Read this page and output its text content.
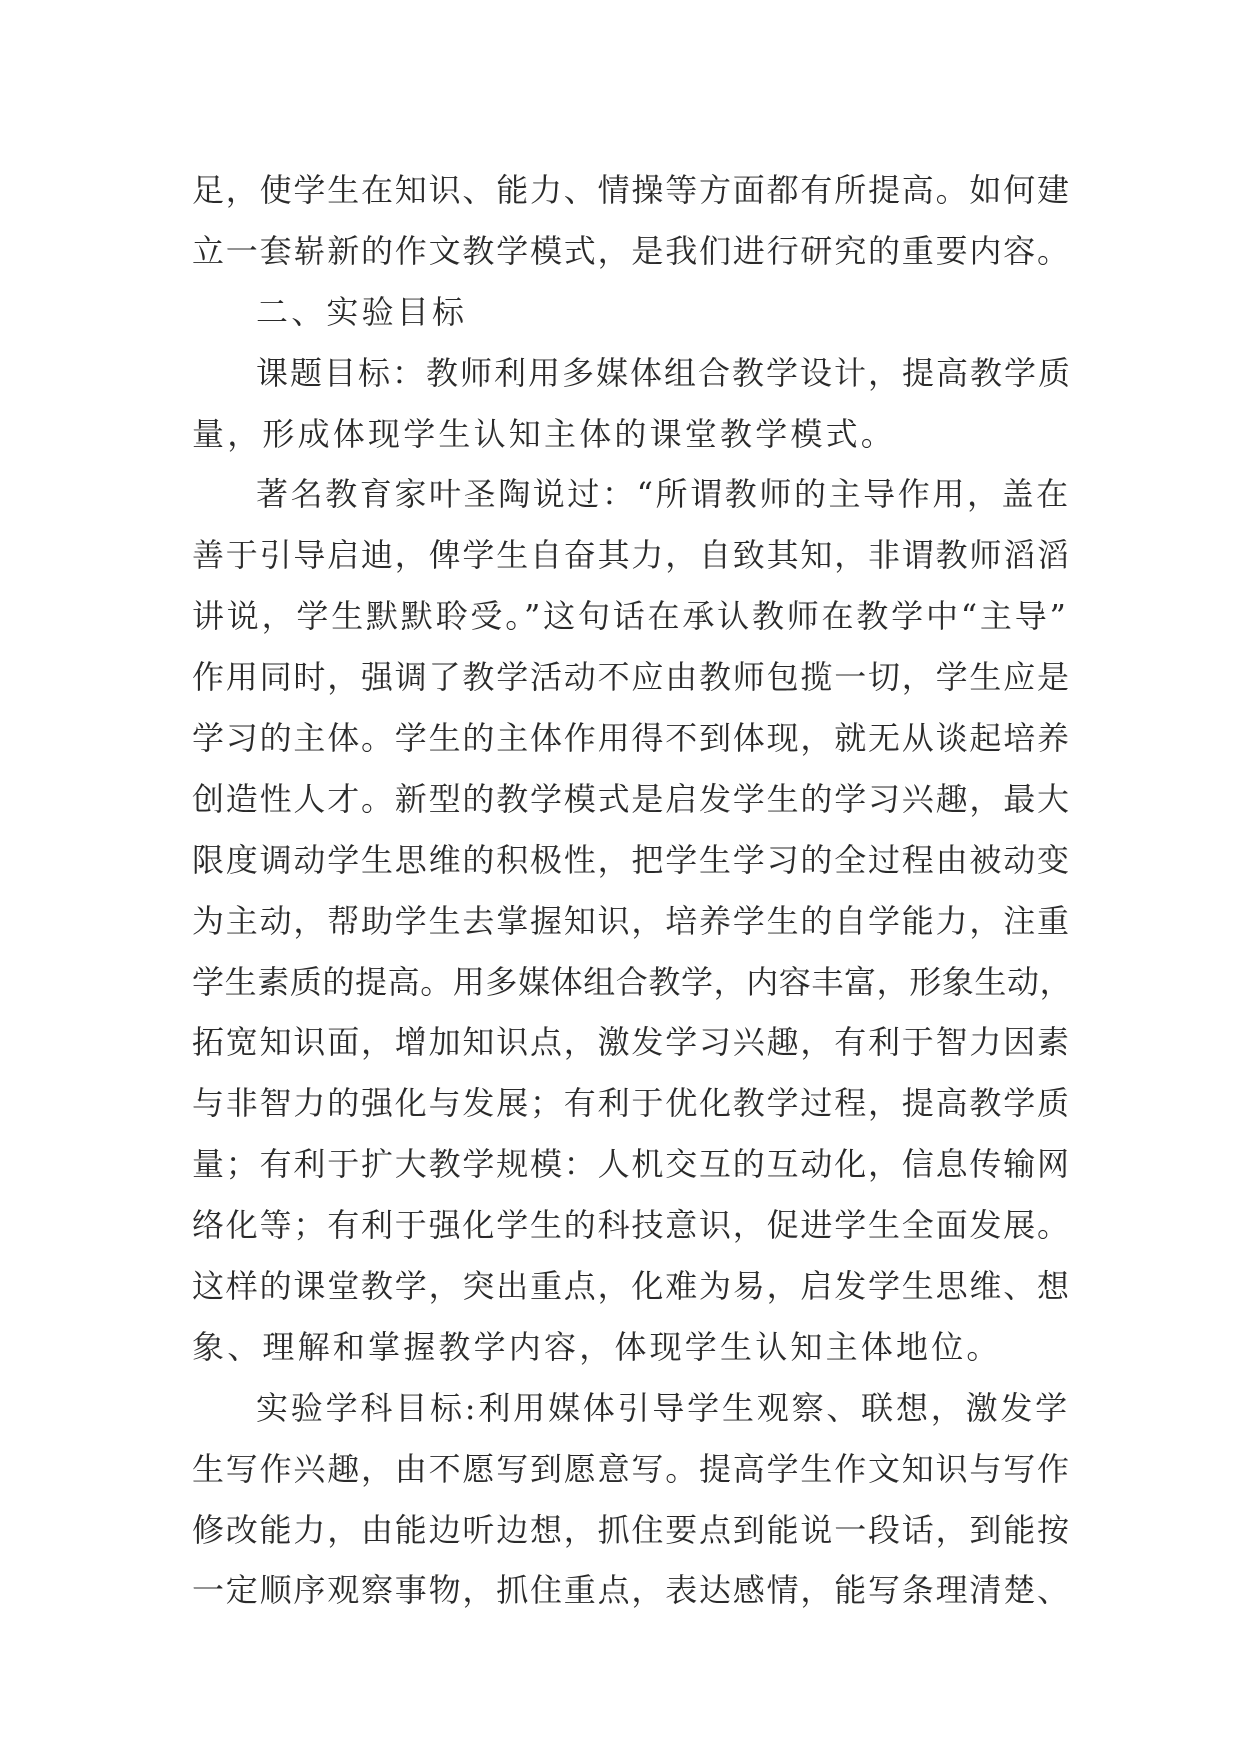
足，使学生在知识、能力、情操等方面都有所提高。如何建
立一套崭新的作文教学模式，是我们进行研究的重要内容。
二、实验目标
课题目标：教师利用多媒体组合教学设计，提高教学质
量，形成体现学生认知主体的课堂教学模式。
著名教育家叶圣陶说过：“所谓教师的主导作用，盖在
善于引导启迪，俾学生自奋其力，自致其知，非谓教师滔滔
讲说，学生默默聆受。”这句话在承认教师在教学中“主导”
作用同时，强调了教学活动不应由教师包揽一切，学生应是
学习的主体。学生的主体作用得不到体现，就无从谈起培养
创造性人才。新型的教学模式是启发学生的学习兴趣，最大
限度调动学生思维的积极性，把学生学习的全过程由被动变
为主动，帮助学生去掌握知识，培养学生的自学能力，注重
学生素质的提高。用多媒体组合教学，内容丰富，形象生动，
拓宽知识面，增加知识点，激发学习兴趣，有利于智力因素
与非智力的强化与发展；有利于优化教学过程，提高教学质
量；有利于扩大教学规模：人机交互的互动化，信息传输网
络化等；有利于强化学生的科技意识，促进学生全面发展。
这样的课堂教学，突出重点，化难为易，启发学生思维、想
象、理解和掌握教学内容，体现学生认知主体地位。
实验学科目标:利用媒体引导学生观察、联想，激发学
生写作兴趣，由不愿写到愿意写。提高学生作文知识与写作
修改能力，由能边听边想，抓住要点到能说一段话，到能按
一定顺序观察事物，抓住重点，表达感情，能写条理清楚、
